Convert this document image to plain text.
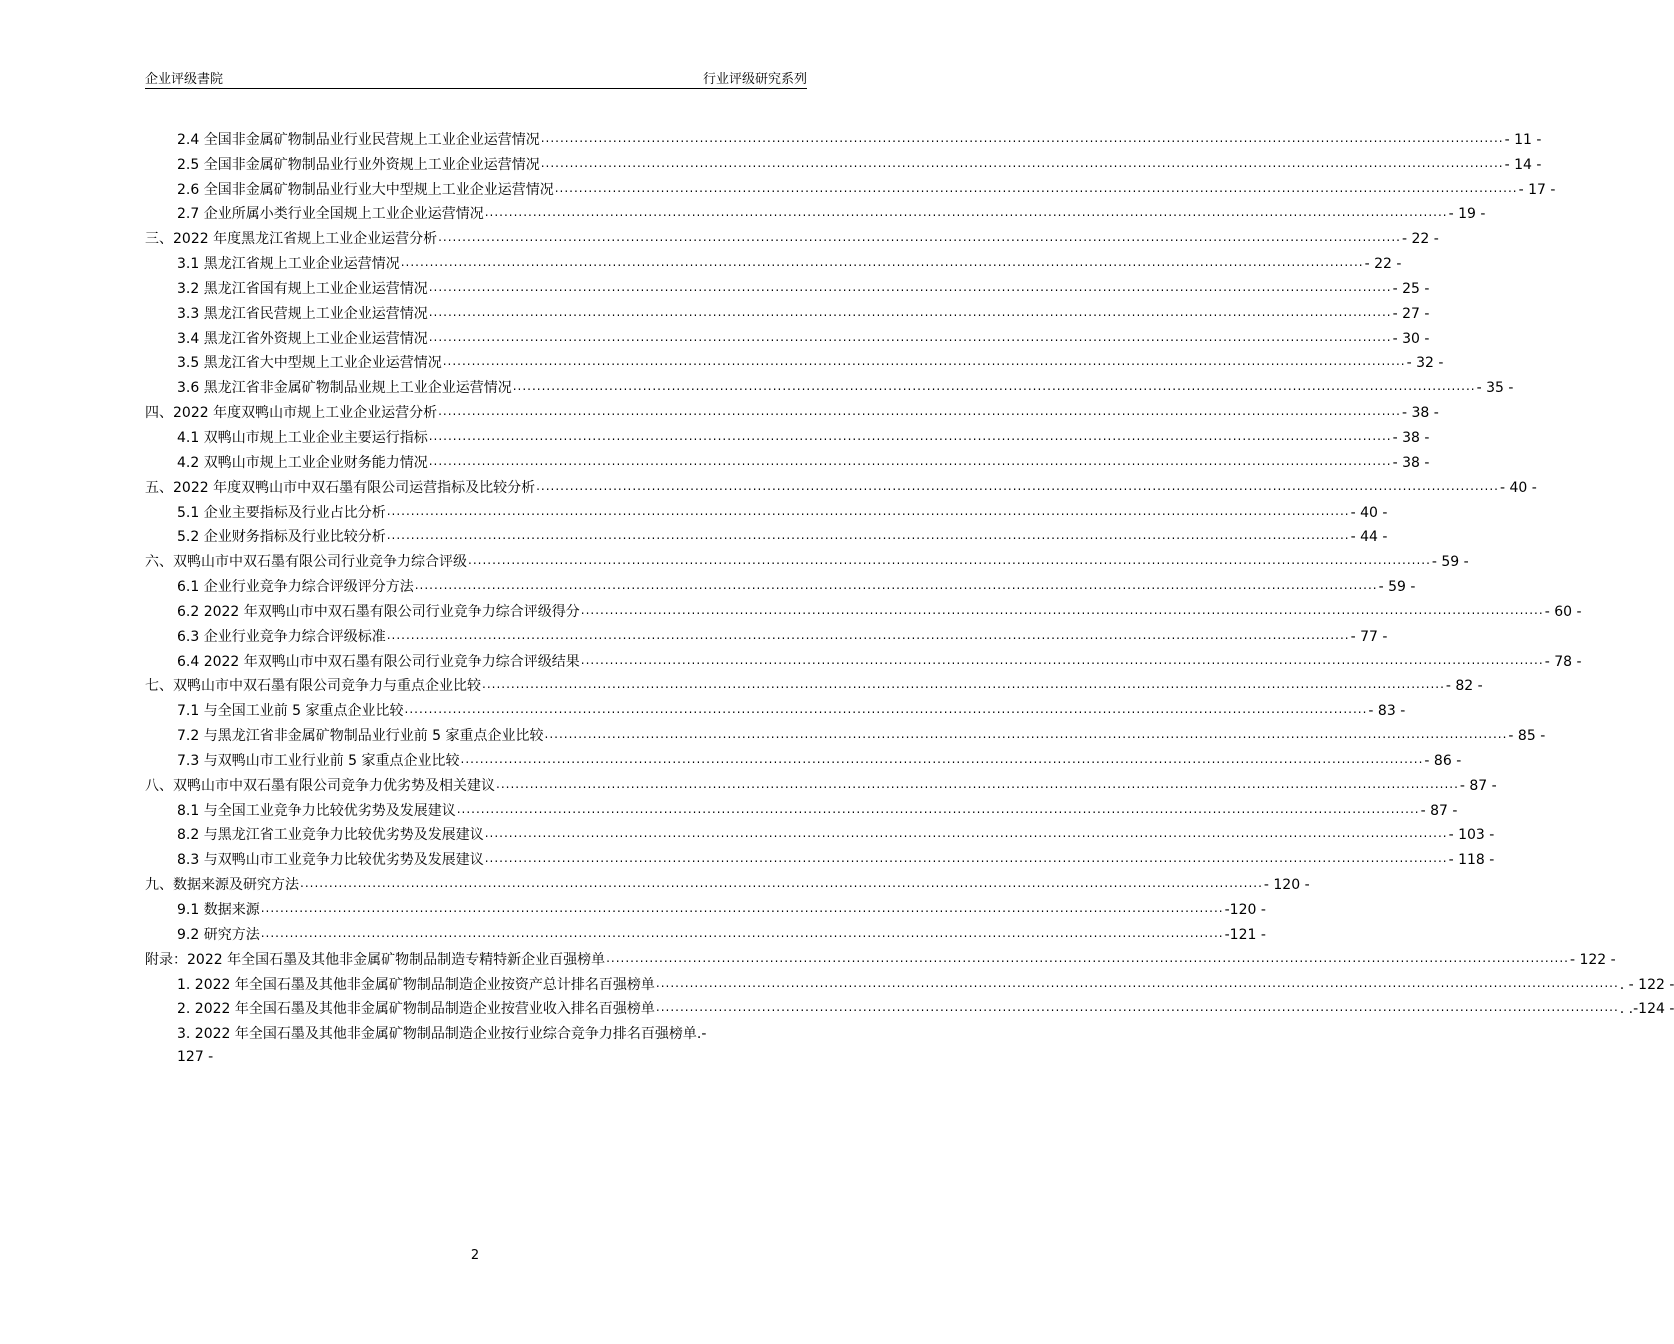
企业评级書院	行业评级研究系列
2.4 全国非金属矿物制品业行业民营规上工业企业运营情况 ........................................................................................................................................................................................................ - 11 -
2.5 全国非金属矿物制品业行业外资规上工业企业运营情况 ........................................................................................................................................................................................................ - 14 -
2.6 全国非金属矿物制品业行业大中型规上工业企业运营情况 ........................................................................................................................................................................................................ - 17 -
2.7 企业所属小类行业全国规上工业企业运营情况 ........................................................................................................................................................................................................ - 19 -
三、2022 年度黑龙江省规上工业企业运营分析 ........................................................................................................................................................................................................ - 22 -
3.1 黑龙江省规上工业企业运营情况 ........................................................................................................................................................................................................ - 22 -
3.2 黑龙江省国有规上工业企业运营情况 ........................................................................................................................................................................................................ - 25 -
3.3 黑龙江省民营规上工业企业运营情况 ........................................................................................................................................................................................................ - 27 -
3.4 黑龙江省外资规上工业企业运营情况 ........................................................................................................................................................................................................ - 30 -
3.5 黑龙江省大中型规上工业企业运营情况 ........................................................................................................................................................................................................ - 32 -
3.6 黑龙江省非金属矿物制品业规上工业企业运营情况 ........................................................................................................................................................................................................ - 35 -
四、2022 年度双鸭山市规上工业企业运营分析 ........................................................................................................................................................................................................ - 38 -
4.1 双鸭山市规上工业企业主要运行指标 ........................................................................................................................................................................................................ - 38 -
4.2 双鸭山市规上工业企业财务能力情况 ........................................................................................................................................................................................................ - 38 -
五、2022 年度双鸭山市中双石墨有限公司运营指标及比较分析 ........................................................................................................................................................................................................ - 40 -
5.1 企业主要指标及行业占比分析 ........................................................................................................................................................................................................ - 40 -
5.2 企业财务指标及行业比较分析 ........................................................................................................................................................................................................ - 44 -
六、双鸭山市中双石墨有限公司行业竞争力综合评级 ........................................................................................................................................................................................................ - 59 -
6.1 企业行业竞争力综合评级评分方法 ........................................................................................................................................................................................................ - 59 -
6.2 2022 年双鸭山市中双石墨有限公司行业竞争力综合评级得分 ........................................................................................................................................................................................................ - 60 -
6.3 企业行业竞争力综合评级标准 ........................................................................................................................................................................................................ - 77 -
6.4 2022 年双鸭山市中双石墨有限公司行业竞争力综合评级结果 ........................................................................................................................................................................................................ - 78 -
七、双鸭山市中双石墨有限公司竞争力与重点企业比较 ........................................................................................................................................................................................................ - 82 -
7.1 与全国工业前 5 家重点企业比较 ........................................................................................................................................................................................................ - 83 -
7.2 与黑龙江省非金属矿物制品业行业前 5 家重点企业比较 ........................................................................................................................................................................................................ - 85 -
7.3 与双鸭山市工业行业前 5 家重点企业比较 ........................................................................................................................................................................................................ - 86 -
八、双鸭山市中双石墨有限公司竞争力优劣势及相关建议 ........................................................................................................................................................................................................ - 87 -
8.1 与全国工业竞争力比较优劣势及发展建议 ........................................................................................................................................................................................................ - 87 -
8.2 与黑龙江省工业竞争力比较优劣势及发展建议 ........................................................................................................................................................................................................ - 103 -
8.3 与双鸭山市工业竞争力比较优劣势及发展建议 ........................................................................................................................................................................................................ - 118 -
九、数据来源及研究方法 ........................................................................................................................................................................................................ - 120 -
9.1 数据来源 ........................................................................................................................................................................................................ -120 -
9.2 研究方法 ........................................................................................................................................................................................................ -121 -
附录：2022 年全国石墨及其他非金属矿物制品制造专精特新企业百强榜单 ........................................................................................................................................................................................................ - 122 -
1. 2022 年全国石墨及其他非金属矿物制品制造企业按资产总计排名百强榜单 ........................................................................................................................................................................................................ . - 122 -
2. 2022 年全国石墨及其他非金属矿物制品制造企业按营业收入排名百强榜单 ........................................................................................................................................................................................................ . .-124 -
3. 2022 年全国石墨及其他非金属矿物制品制造企业按行业综合竞争力排名百强榜单 .-
127 -
2
